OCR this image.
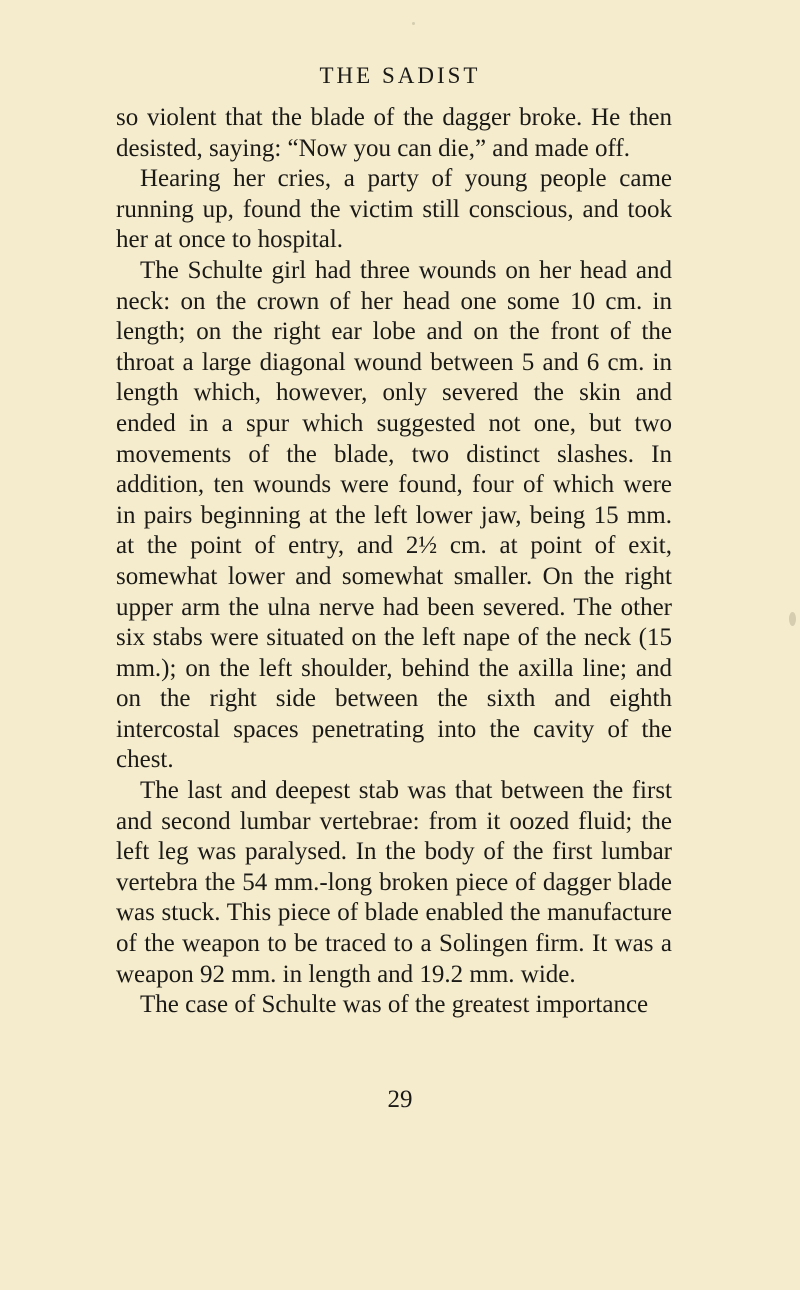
THE SADIST

so violent that the blade of the dagger broke. He then desisted, saying: “Now you can die,” and made off.

Hearing her cries, a party of young people came running up, found the victim still conscious, and took her at once to hospital.

The Schulte girl had three wounds on her head and neck: on the crown of her head one some 10 cm. in length; on the right ear lobe and on the front of the throat a large diagonal wound between 5 and 6 cm. in length which, however, only severed the skin and ended in a spur which suggested not one, but two movements of the blade, two distinct slashes. In addition, ten wounds were found, four of which were in pairs beginning at the left lower jaw, being 15 mm. at the point of entry, and 2½ cm. at point of exit, somewhat lower and somewhat smaller. On the right upper arm the ulna nerve had been severed. The other six stabs were situated on the left nape of the neck (15 mm.); on the left shoulder, behind the axilla line; and on the right side between the sixth and eighth intercostal spaces penetrating into the cavity of the chest.

The last and deepest stab was that between the first and second lumbar vertebrae: from it oozed fluid; the left leg was paralysed. In the body of the first lumbar vertebra the 54 mm.-long broken piece of dagger blade was stuck. This piece of blade enabled the manufacture of the weapon to be traced to a Solingen firm. It was a weapon 92 mm. in length and 19.2 mm. wide.

The case of Schulte was of the greatest importance

29
